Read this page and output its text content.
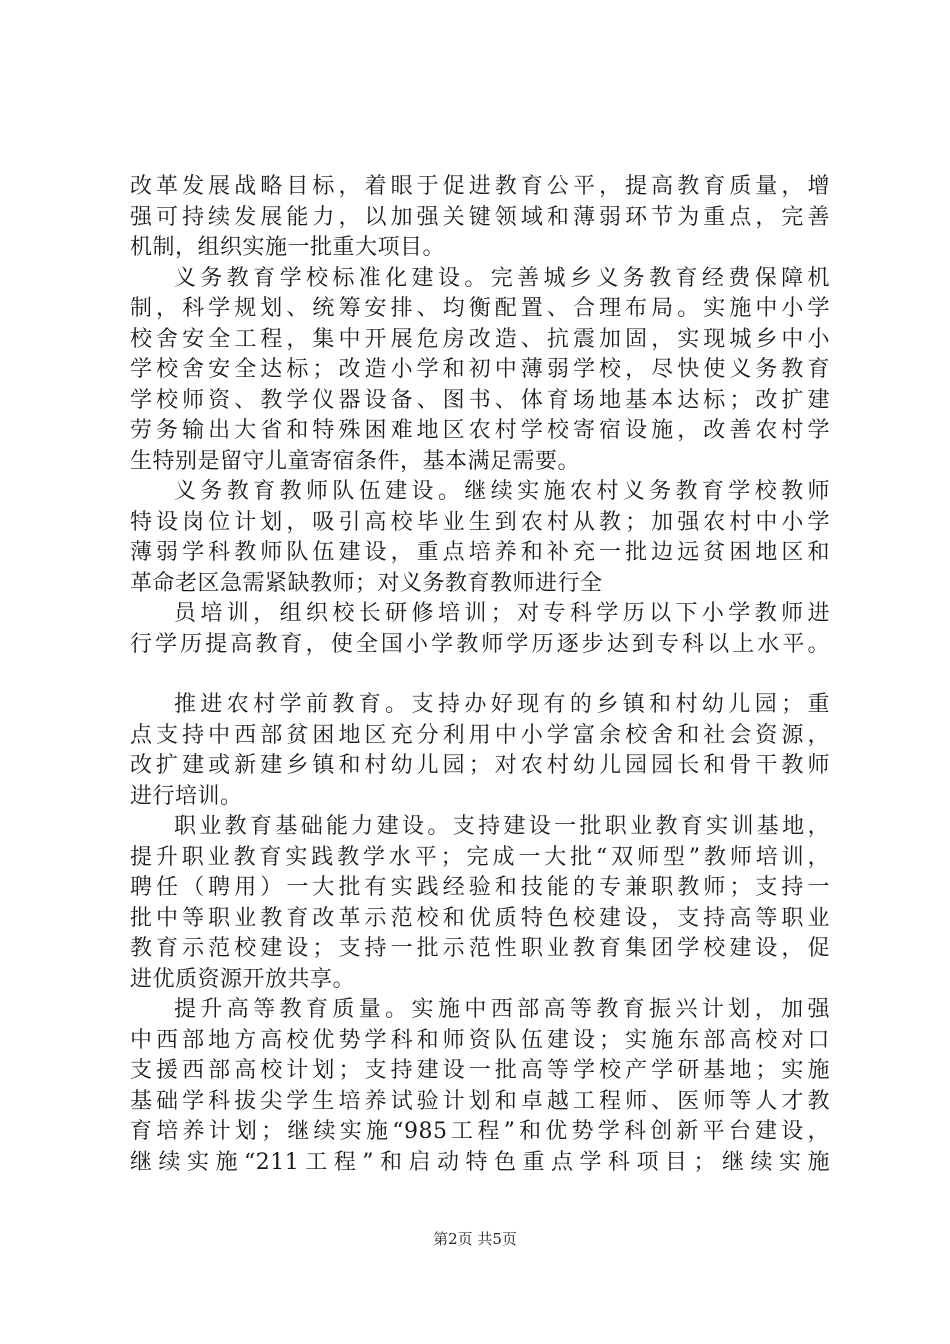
改革发展战略目标，着眼于促进教育公平，提高教育质量，增
强可持续发展能力，以加强关键领域和薄弱环节为重点，完善
机制，组织实施一批重大项目。
义务教育学校标准化建设。完善城乡义务教育经费保障机
制，科学规划、统筹安排、均衡配置、合理布局。实施中小学
校舍安全工程，集中开展危房改造、抗震加固，实现城乡中小
学校舍安全达标；改造小学和初中薄弱学校，尽快使义务教育
学校师资、教学仪器设备、图书、体育场地基本达标；改扩建
劳务输出大省和特殊困难地区农村学校寄宿设施，改善农村学
生特别是留守儿童寄宿条件，基本满足需要。
义务教育教师队伍建设。继续实施农村义务教育学校教师
特设岗位计划，吸引高校毕业生到农村从教；加强农村中小学
薄弱学科教师队伍建设，重点培养和补充一批边远贫困地区和
革命老区急需紧缺教师；对义务教育教师进行全
员培训，组织校长研修培训；对专科学历以下小学教师进
行学历提高教育，使全国小学教师学历逐步达到专科以上水平。
推进农村学前教育。支持办好现有的乡镇和村幼儿园；重
点支持中西部贫困地区充分利用中小学富余校舍和社会资源，
改扩建或新建乡镇和村幼儿园；对农村幼儿园园长和骨干教师
进行培训。
职业教育基础能力建设。支持建设一批职业教育实训基地，
提升职业教育实践教学水平；完成一大批“双师型”教师培训，
聘任（聘用）一大批有实践经验和技能的专兼职教师；支持一
批中等职业教育改革示范校和优质特色校建设，支持高等职业
教育示范校建设；支持一批示范性职业教育集团学校建设，促
进优质资源开放共享。
提升高等教育质量。实施中西部高等教育振兴计划，加强
中西部地方高校优势学科和师资队伍建设；实施东部高校对口
支援西部高校计划；支持建设一批高等学校产学研基地；实施
基础学科拔尖学生培养试验计划和卓越工程师、医师等人才教
育培养计划；继续实施“985工程”和优势学科创新平台建设，
继续实施“211工程”和启动特色重点学科项目；继续实施
第2页 共5页
